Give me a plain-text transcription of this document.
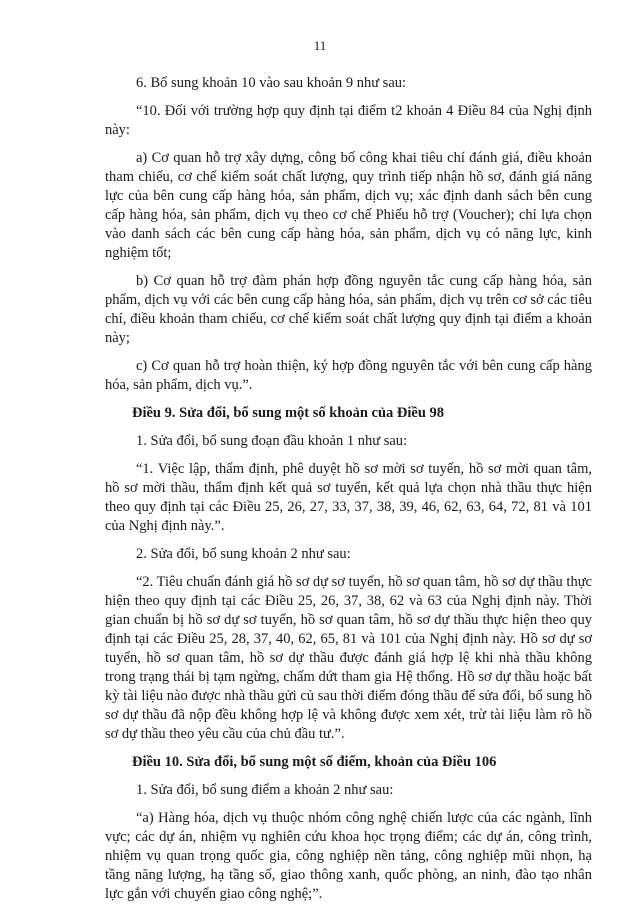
11

6. Bổ sung khoản 10 vào sau khoản 9 như sau:

“10. Đối với trường hợp quy định tại điểm t2 khoản 4 Điều 84 của Nghị định này:

a) Cơ quan hỗ trợ xây dựng, công bố công khai tiêu chí đánh giá, điều khoản tham chiếu, cơ chế kiểm soát chất lượng, quy trình tiếp nhận hồ sơ, đánh giá năng lực của bên cung cấp hàng hóa, sản phẩm, dịch vụ; xác định danh sách bên cung cấp hàng hóa, sản phẩm, dịch vụ theo cơ chế Phiếu hỗ trợ (Voucher); chỉ lựa chọn vào danh sách các bên cung cấp hàng hóa, sản phẩm, dịch vụ có năng lực, kinh nghiệm tốt;

b) Cơ quan hỗ trợ đàm phán hợp đồng nguyên tắc cung cấp hàng hóa, sản phẩm, dịch vụ với các bên cung cấp hàng hóa, sản phẩm, dịch vụ trên cơ sở các tiêu chí, điều khoản tham chiếu, cơ chế kiểm soát chất lượng quy định tại điểm a khoản này;

c) Cơ quan hỗ trợ hoàn thiện, ký hợp đồng nguyên tắc với bên cung cấp hàng hóa, sản phẩm, dịch vụ.”.

Điều 9. Sửa đổi, bổ sung một số khoản của Điều 98

1. Sửa đổi, bổ sung đoạn đầu khoản 1 như sau:

“1. Việc lập, thẩm định, phê duyệt hồ sơ mời sơ tuyển, hồ sơ mời quan tâm, hồ sơ mời thầu, thẩm định kết quả sơ tuyển, kết quả lựa chọn nhà thầu thực hiện theo quy định tại các Điều 25, 26, 27, 33, 37, 38, 39, 46, 62, 63, 64, 72, 81 và 101 của Nghị định này.”.

2. Sửa đổi, bổ sung khoản 2 như sau:

“2. Tiêu chuẩn đánh giá hồ sơ dự sơ tuyển, hồ sơ quan tâm, hồ sơ dự thầu thực hiện theo quy định tại các Điều 25, 26, 37, 38, 62 và 63 của Nghị định này. Thời gian chuẩn bị hồ sơ dự sơ tuyển, hồ sơ quan tâm, hồ sơ dự thầu thực hiện theo quy định tại các Điều 25, 28, 37, 40, 62, 65, 81 và 101 của Nghị định này. Hồ sơ dự sơ tuyển, hồ sơ quan tâm, hồ sơ dự thầu được đánh giá hợp lệ khi nhà thầu không trong trạng thái bị tạm ngừng, chấm dứt tham gia Hệ thống. Hồ sơ dự thầu hoặc bất kỳ tài liệu nào được nhà thầu gửi củ sau thời điểm đóng thầu để sửa đổi, bổ sung hồ sơ dự thầu đã nộp đều không hợp lệ và không được xem xét, trừ tài liệu làm rõ hồ sơ dự thầu theo yêu cầu của chủ đầu tư.”.

Điều 10. Sửa đổi, bổ sung một số điểm, khoản của Điều 106

1. Sửa đổi, bổ sung điểm a khoản 2 như sau:

“a) Hàng hóa, dịch vụ thuộc nhóm công nghệ chiến lược của các ngành, lĩnh vực; các dự án, nhiệm vụ nghiên cứu khoa học trọng điểm; các dự án, công trình, nhiệm vụ quan trọng quốc gia, công nghiệp nền tảng, công nghiệp mũi nhọn, hạ tầng năng lượng, hạ tầng số, giao thông xanh, quốc phòng, an ninh, đào tạo nhân lực gắn với chuyển giao công nghệ;”.
